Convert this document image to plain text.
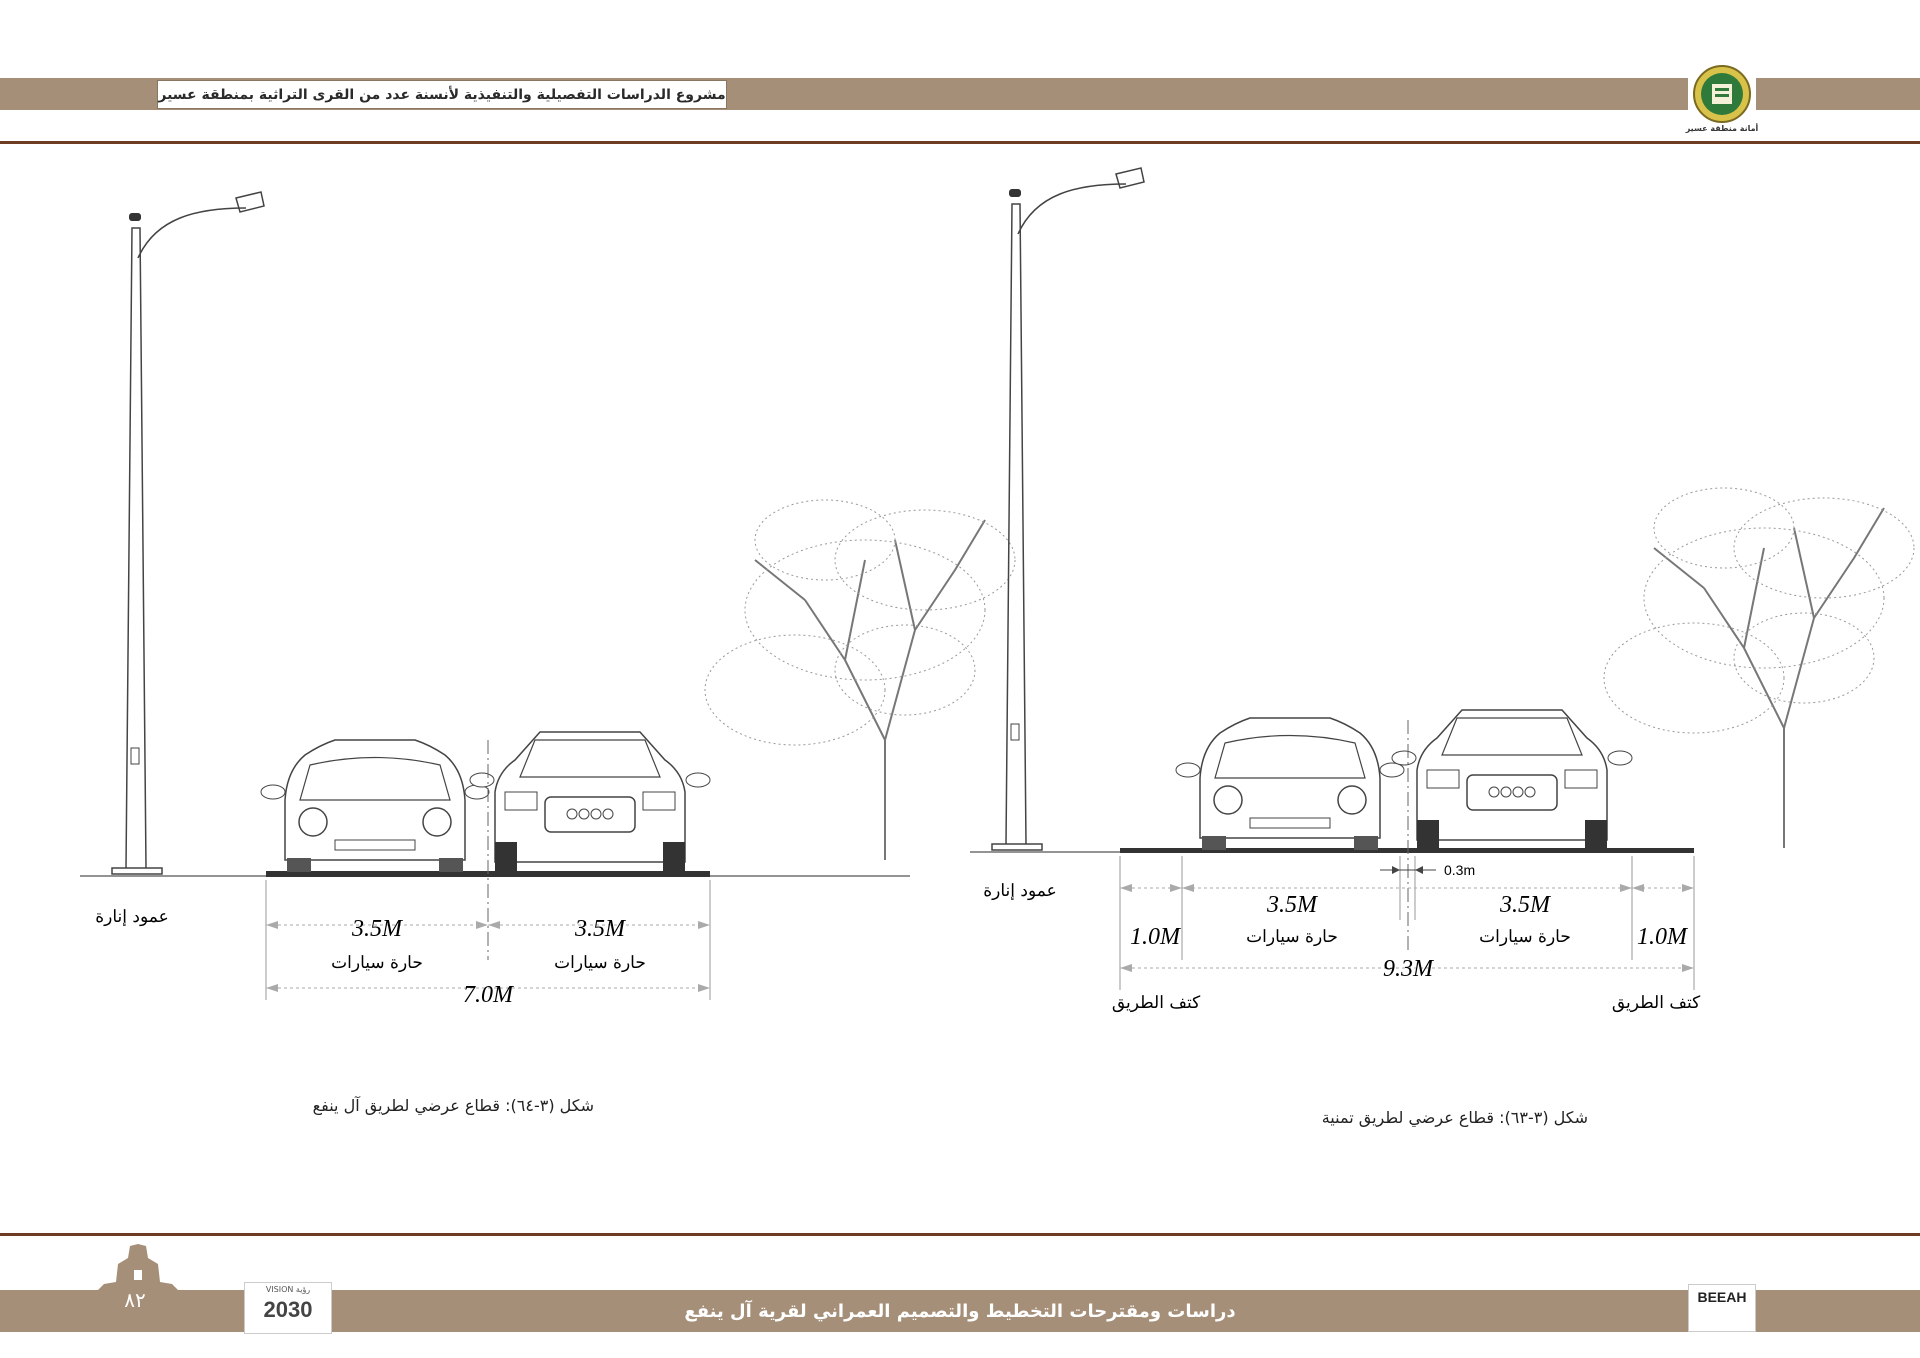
مشروع الدراسات التفصيلية والتنفيذية لأنسنة عدد من القرى التراثية بمنطقة عسير
أمانة منطقة عسير
3.5M	3.5M
حارة سيارات	حارة سيارات
7.0M
عمود إنارة
0.3m
3.5M	3.5M
حارة سيارات	حارة سيارات
1.0M	1.0M
9.3M
كتف الطريق	كتف الطريق
عمود إنارة
شكل (٣-٦٤): قطاع عرضي لطريق آل ينفع
شكل (٣-٦٣): قطاع عرضي لطريق تمنية
٨٢	VISION رؤية
2030	دراسات ومقترحات التخطيط والتصميم العمراني لقرية آل ينفع
BEEAH
